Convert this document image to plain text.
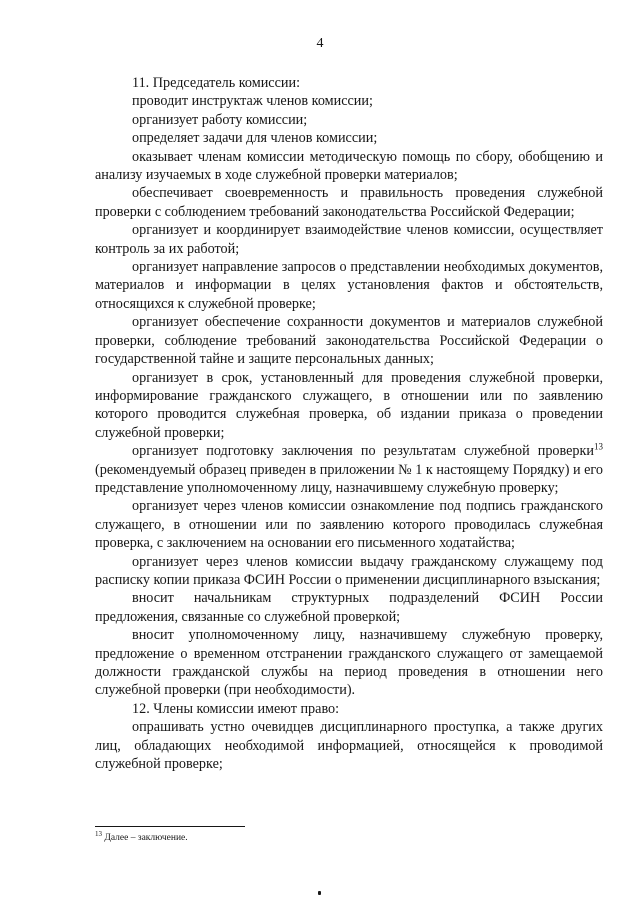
4

11. Председатель комиссии:

проводит инструктаж членов комиссии;

организует работу комиссии;

определяет задачи для членов комиссии;

оказывает членам комиссии методическую помощь по сбору, обобщению и анализу изучаемых в ходе служебной проверки материалов;

обеспечивает своевременность и правильность проведения служебной проверки с соблюдением требований законодательства Российской Федерации;

организует и координирует взаимодействие членов комиссии, осуществляет контроль за их работой;

организует направление запросов о представлении необходимых документов, материалов и информации в целях установления фактов и обстоятельств, относящихся к служебной проверке;

организует обеспечение сохранности документов и материалов служебной проверки, соблюдение требований законодательства Российской Федерации о государственной тайне и защите персональных данных;

организует в срок, установленный для проведения служебной проверки, информирование гражданского служащего, в отношении или по заявлению которого проводится служебная проверка, об издании приказа о проведении служебной проверки;

организует подготовку заключения по результатам служебной проверки$^{13}$ (рекомендуемый образец приведен в приложении № 1 к настоящему Порядку) и его представление уполномоченному лицу, назначившему служебную проверку;

организует через членов комиссии ознакомление под подпись гражданского служащего, в отношении или по заявлению которого проводилась служебная проверка, с заключением на основании его письменного ходатайства;

организует через членов комиссии выдачу гражданскому служащему под расписку копии приказа ФСИН России о применении дисциплинарного взыскания;

вносит начальникам структурных подразделений ФСИН России предложения, связанные со служебной проверкой;

вносит уполномоченному лицу, назначившему служебную проверку, предложение о временном отстранении гражданского служащего от замещаемой должности гражданской службы на период проведения в отношении него служебной проверки (при необходимости).

12. Члены комиссии имеют право:

опрашивать устно очевидцев дисциплинарного проступка, а также других лиц, обладающих необходимой информацией, относящейся к проводимой служебной проверке;

$^{13}$ Далее – заключение.
